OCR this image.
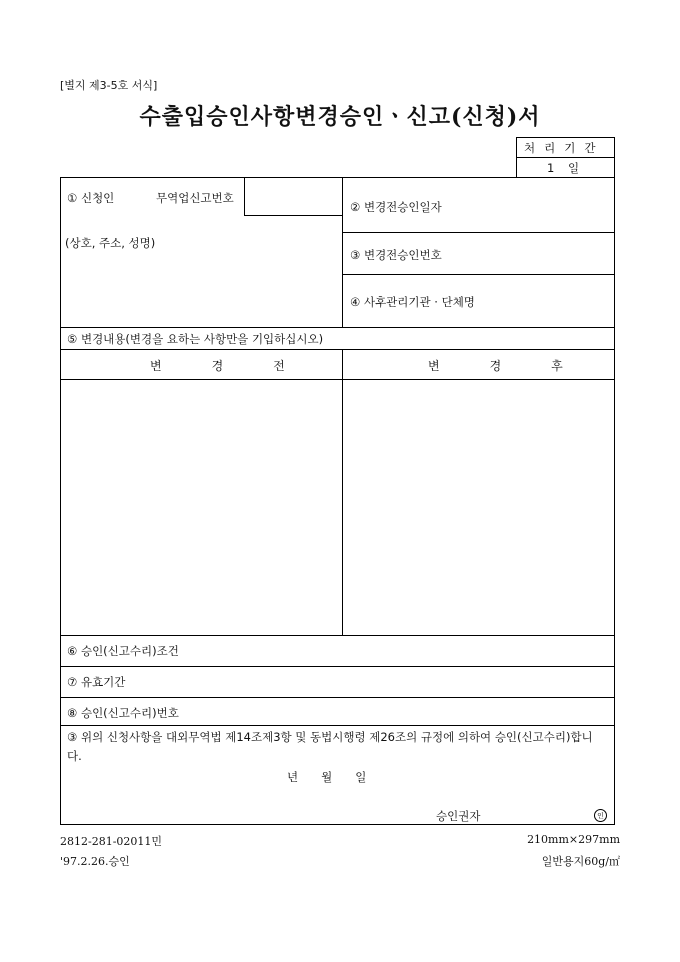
[별지 제3-5호 서식]
수출입승인사항변경승인ㆍ신고(신청)서
처리기간
1 일
① 신청인	무역업신고번호
(상호, 주소, 성명)
② 변경전승인일자
③ 변경전승인번호
④ 사후관리기관 · 단체명
⑤ 변경내용(변경을 요하는 사항만을 기입하십시오)
변경전	변경후
⑥ 승인(신고수리)조건
⑦ 유효기간
⑧ 승인(신고수리)번호
③ 위의 신청사항을 대외무역법 제14조제3항 및 동법시행령 제26조의 규정에 의하여 승인(신고수리)합니다.
년　　월　　일
승인권자	인
2812-281-02011민
'97.2.26.승인
210mm×297mm
일반용지60g/㎡
